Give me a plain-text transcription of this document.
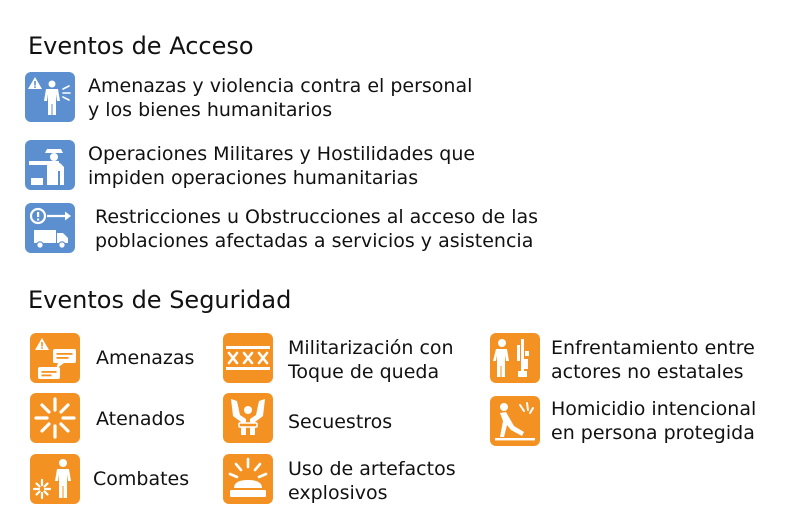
Eventos de Acceso
Amenazas y violencia contra el personal
y los bienes humanitarios
Operaciones Militares y Hostilidades que
impiden operaciones humanitarias
Restricciones u Obstrucciones al acceso de las
poblaciones afectadas a servicios y asistencia
Eventos de Seguridad
Amenazas
Atenados
Combates
Militarización con
Toque de queda
Secuestros
Uso de artefactos
explosivos
Enfrentamiento entre
actores no estatales
Homicidio intencional
en persona protegida
